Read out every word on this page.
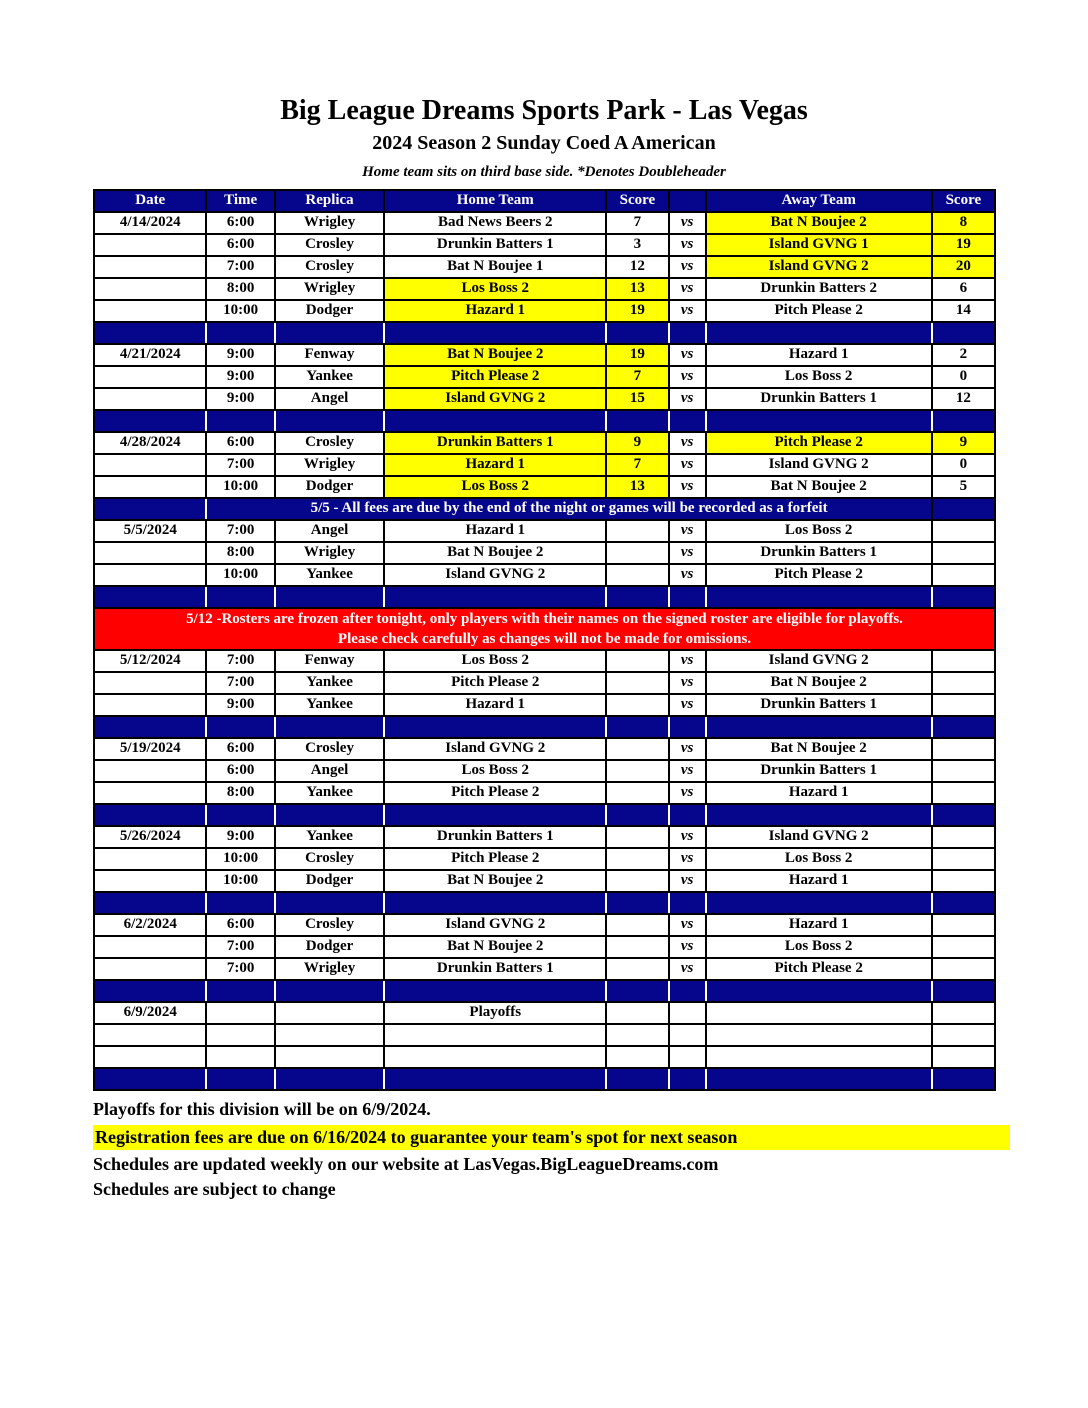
Big League Dreams Sports Park - Las Vegas
2024 Season 2 Sunday Coed A American
Home team sits on third base side. *Denotes Doubleheader
Date	Time	Replica	Home Team	Score		Away Team	Score
4/14/2024	6:00	Wrigley	Bad News Beers 2	7	vs	Bat N Boujee 2	8
	6:00	Crosley	Drunkin Batters 1	3	vs	Island GVNG 1	19
	7:00	Crosley	Bat N Boujee 1	12	vs	Island GVNG 2	20
	8:00	Wrigley	Los Boss 2	13	vs	Drunkin Batters 2	6
	10:00	Dodger	Hazard 1	19	vs	Pitch Please 2	14

4/21/2024	9:00	Fenway	Bat N Boujee 2	19	vs	Hazard 1	2
	9:00	Yankee	Pitch Please 2	7	vs	Los Boss 2	0
	9:00	Angel	Island GVNG 2	15	vs	Drunkin Batters 1	12

4/28/2024	6:00	Crosley	Drunkin Batters 1	9	vs	Pitch Please 2	9
	7:00	Wrigley	Hazard 1	7	vs	Island GVNG 2	0
	10:00	Dodger	Los Boss 2	13	vs	Bat N Boujee 2	5
	5/5 - All fees are due by the end of the night or games will be recorded as a forfeit						
5/5/2024	7:00	Angel	Hazard 1		vs	Los Boss 2	
	8:00	Wrigley	Bat N Boujee 2		vs	Drunkin Batters 1	
	10:00	Yankee	Island GVNG 2		vs	Pitch Please 2	

5/12 -Rosters are frozen after tonight, only players with their names on the signed roster are eligible for playoffs.
Please check carefully as changes will not be made for omissions.							

5/12/2024	7:00	Fenway	Los Boss 2		vs	Island GVNG 2	
	7:00	Yankee	Pitch Please 2		vs	Bat N Boujee 2	
	9:00	Yankee	Hazard 1		vs	Drunkin Batters 1	

5/19/2024	6:00	Crosley	Island GVNG 2		vs	Bat N Boujee 2	
	6:00	Angel	Los Boss 2		vs	Drunkin Batters 1	
	8:00	Yankee	Pitch Please 2		vs	Hazard 1	

5/26/2024	9:00	Yankee	Drunkin Batters 1		vs	Island GVNG 2	
	10:00	Crosley	Pitch Please 2		vs	Los Boss 2	
	10:00	Dodger	Bat N Boujee 2		vs	Hazard 1	

6/2/2024	6:00	Crosley	Island GVNG 2		vs	Hazard 1	
	7:00	Dodger	Bat N Boujee 2		vs	Los Boss 2	
	7:00	Wrigley	Drunkin Batters 1		vs	Pitch Please 2	

6/9/2024			Playoffs				

Playoffs for this division will be on 6/9/2024.
Registration fees are due on 6/16/2024 to guarantee your team's spot for next season
Schedules are updated weekly on our website at LasVegas.BigLeagueDreams.com
Schedules are subject to change
